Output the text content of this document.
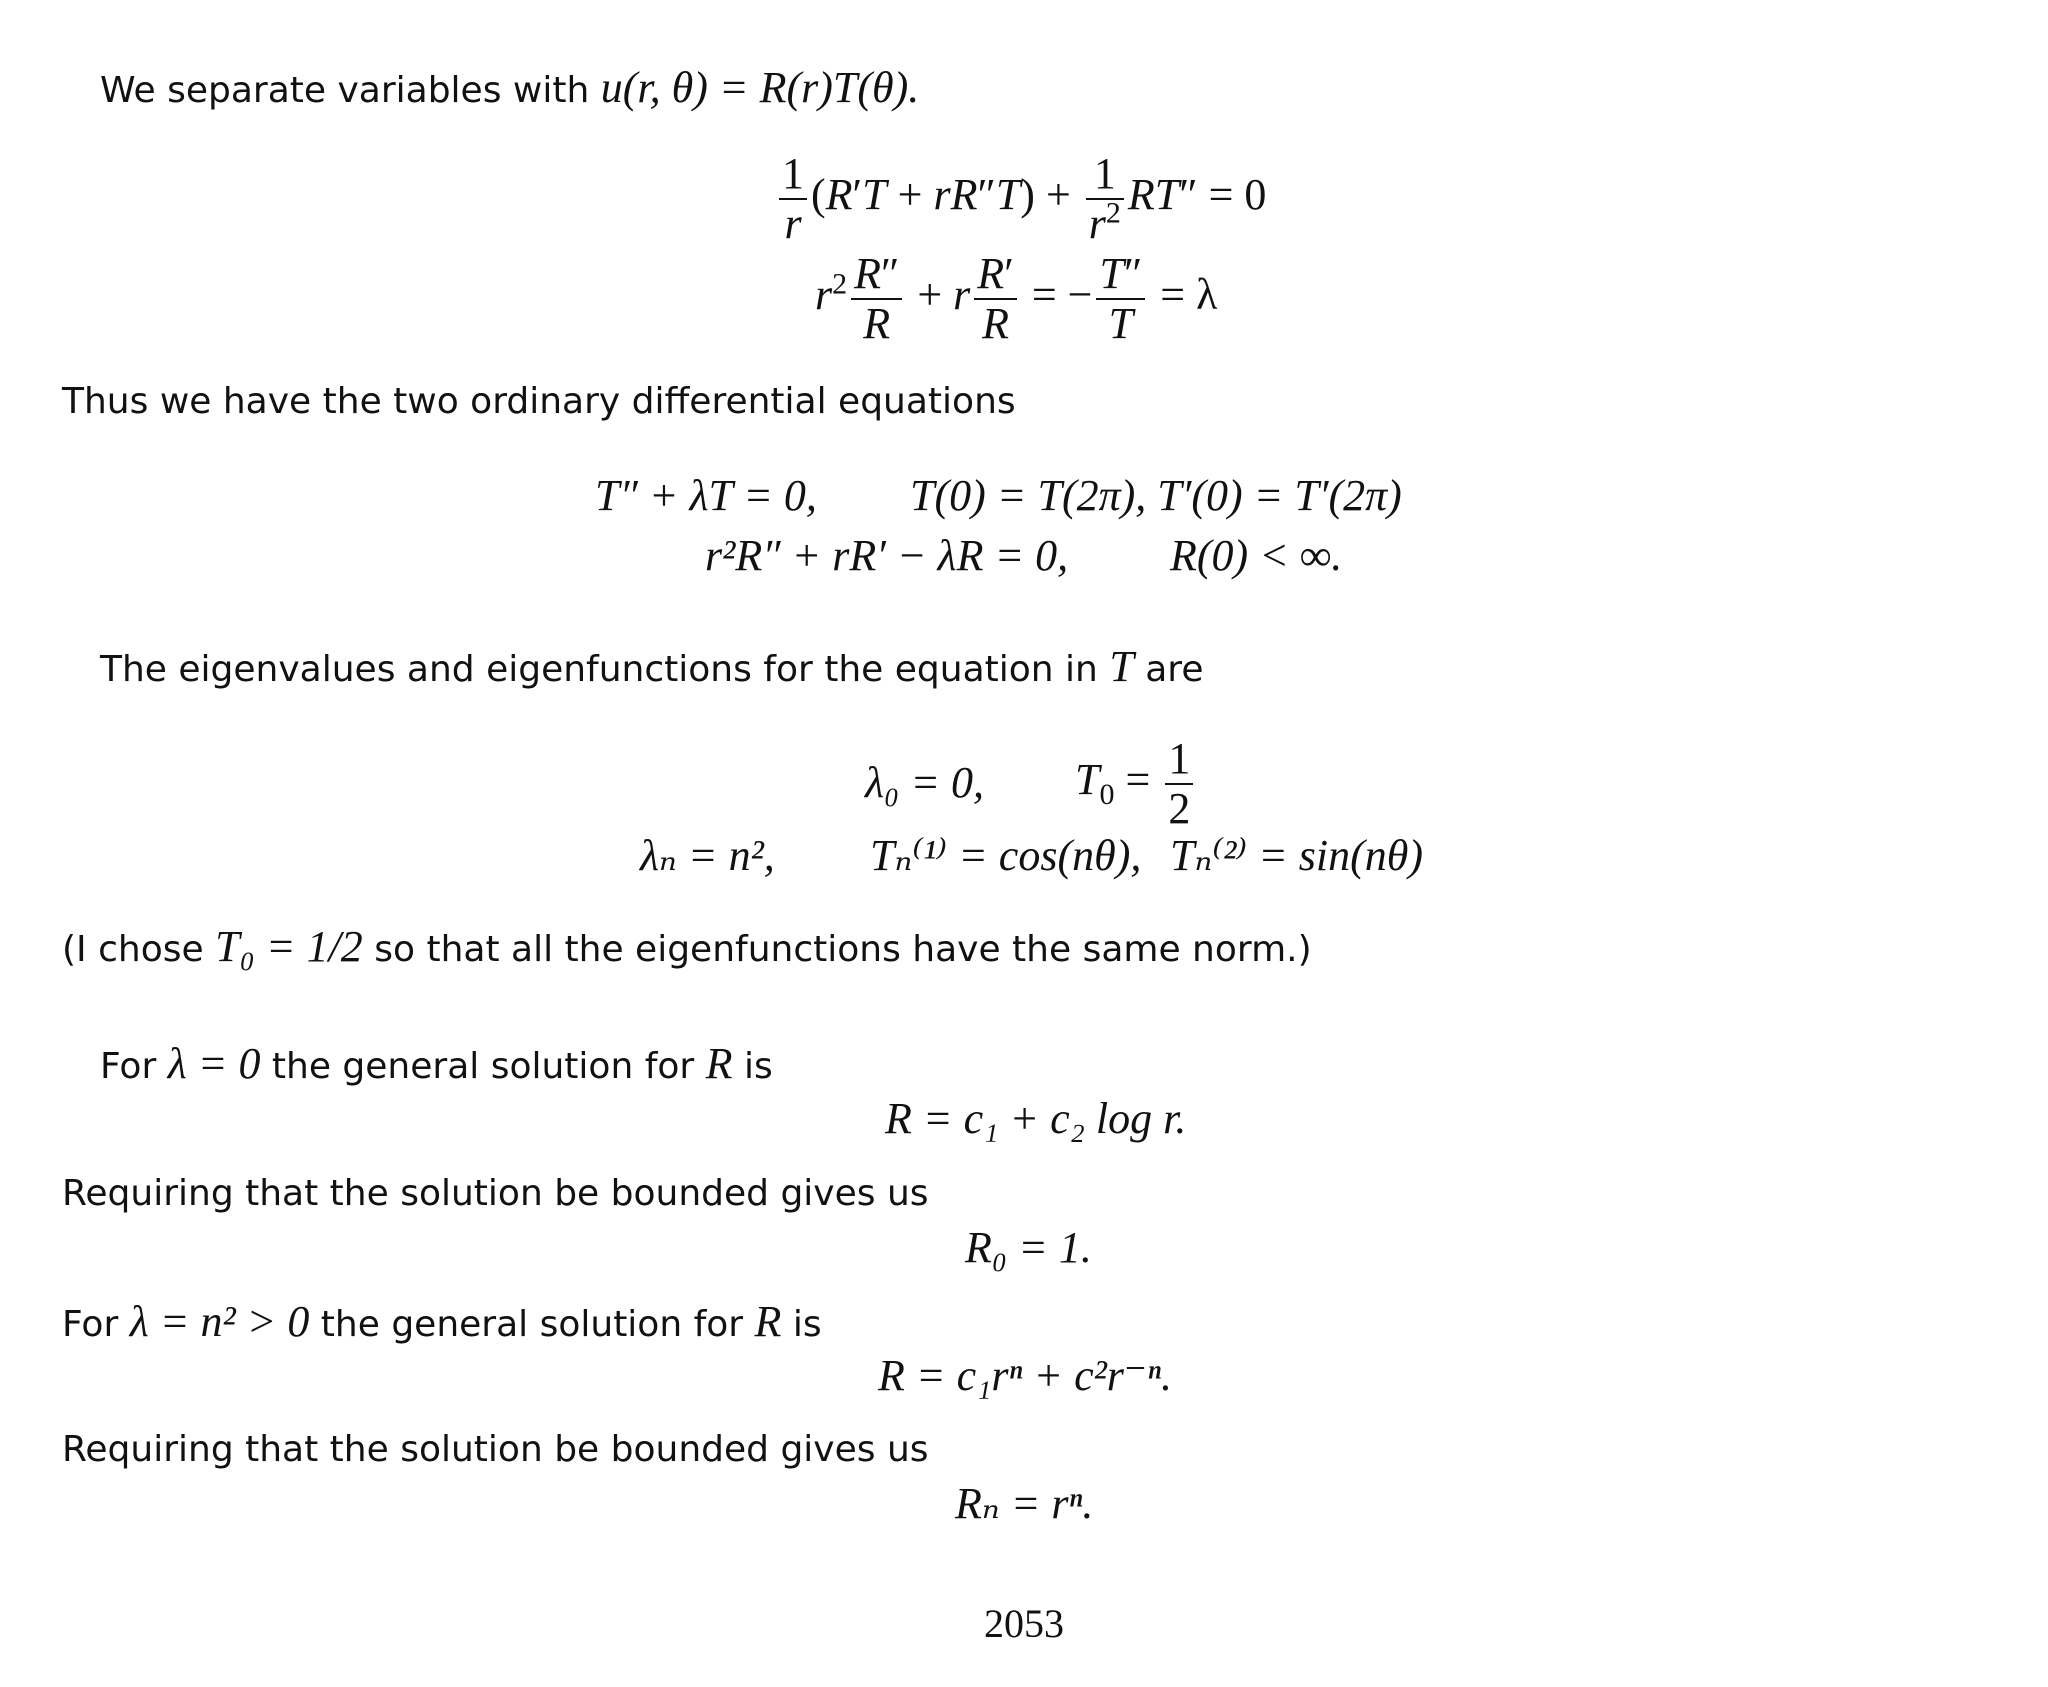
We separate variables with u(r, θ) = R(r)T(θ).
$\frac{1}{r} (R'T + rR''T) + \frac{1}{r^2} RT'' = 0$
$r^2 \frac{R''}{R} + r \frac{R'}{R}$ = − $\frac{T''}{T} = \lambda$
Thus we have the two ordinary differential equations
T″ + λT = 0, T(0) = T(2π), T′(0) = T′(2π)
r²R″ + rR′ − λR = 0, R(0) < ∞.
The eigenvalues and eigenfunctions for the equation in T are
λ₀ = 0, $T_0 = \frac{1}{2}$
λₙ = n², Tₙ⁽¹⁾ = cos(nθ), Tₙ⁽²⁾ = sin(nθ)
(I chose T₀ = 1/2 so that all the eigenfunctions have the same norm.)
For λ = 0 the general solution for R is
R = c₁ + c₂ log r.
Requiring that the solution be bounded gives us
R₀ = 1.
For λ = n² > 0 the general solution for R is
R = c₁rⁿ + c²r⁻ⁿ.
Requiring that the solution be bounded gives us
Rₙ = rⁿ.
2053
